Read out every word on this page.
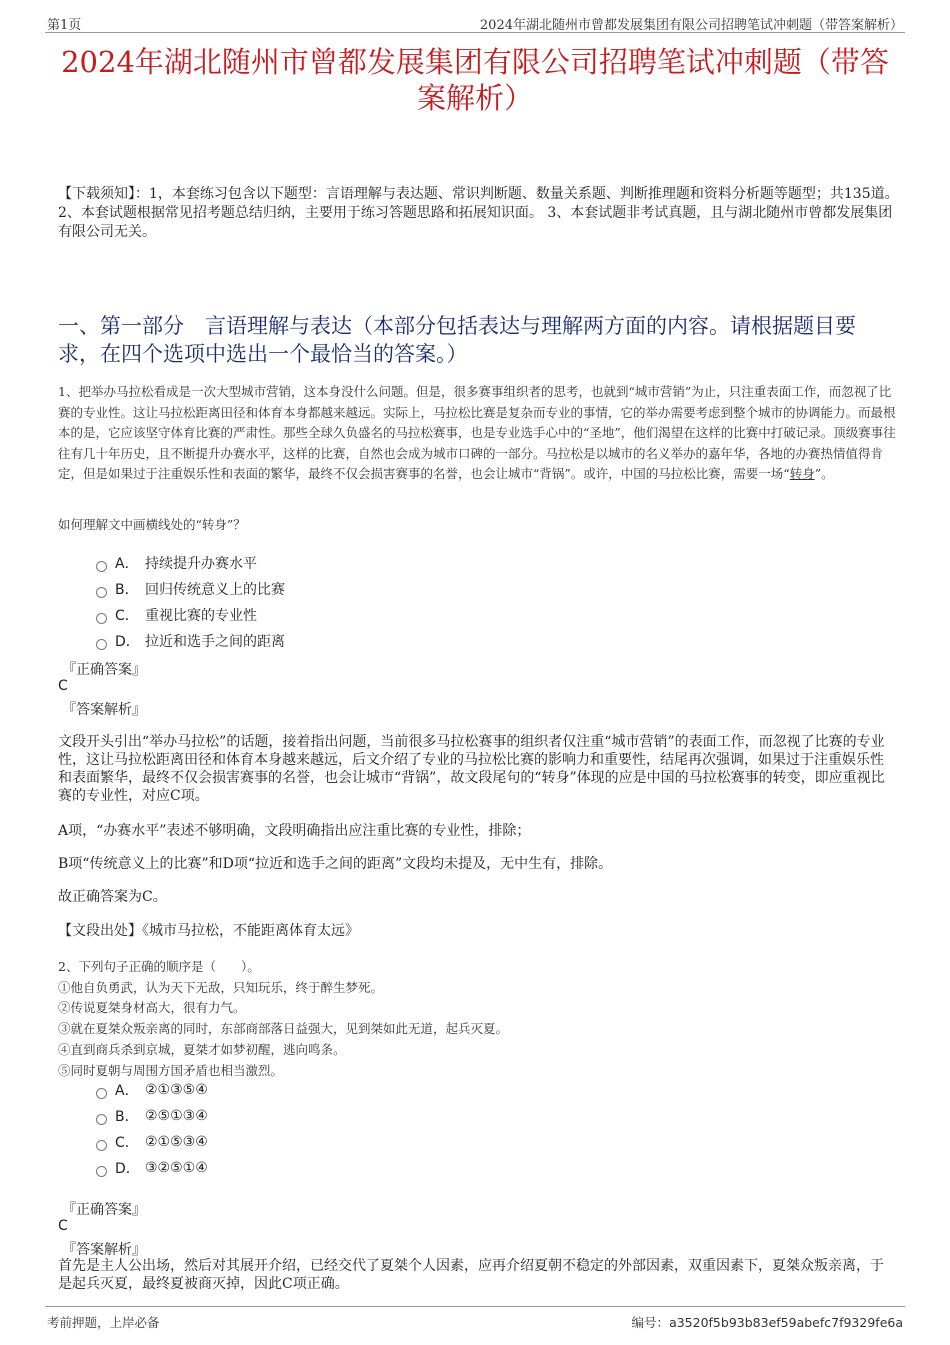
第1页	2024年湖北随州市曾都发展集团有限公司招聘笔试冲刺题（带答案解析）
2024年湖北随州市曾都发展集团有限公司招聘笔试冲刺题（带答案解析）
【下载须知】：1，本套练习包含以下题型：言语理解与表达题、常识判断题、数量关系题、判断推理题和资料分析题等题型；共135道。 2、本套试题根据常见招考题总结归纳，主要用于练习答题思路和拓展知识面。 3、本套试题非考试真题，且与湖北随州市曾都发展集团有限公司无关。
一、第一部分　言语理解与表达（本部分包括表达与理解两方面的内容。请根据题目要求，在四个选项中选出一个最恰当的答案。）
1、把举办马拉松看成是一次大型城市营销，这本身没什么问题。但是，很多赛事组织者的思考，也就到“城市营销”为止，只注重表面工作，而忽视了比赛的专业性。这让马拉松距离田径和体育本身都越来越远。实际上，马拉松比赛是复杂而专业的事情，它的举办需要考虑到整个城市的协调能力。而最根本的是，它应该坚守体育比赛的严肃性。那些全球久负盛名的马拉松赛事，也是专业选手心中的“圣地”，他们渴望在这样的比赛中打破记录。顶级赛事往往有几十年历史，且不断提升办赛水平，这样的比赛，自然也会成为城市口碑的一部分。马拉松是以城市的名义举办的嘉年华，各地的办赛热情值得肯定，但是如果过于注重娱乐性和表面的繁华，最终不仅会损害赛事的名誉，也会让城市“背锅”。或许，中国的马拉松比赛，需要一场“转身”。
如何理解文中画横线处的“转身”？
A． 持续提升办赛水平
B． 回归传统意义上的比赛
C． 重视比赛的专业性
D． 拉近和选手之间的距离
『正确答案』
C
『答案解析』
文段开头引出“举办马拉松”的话题，接着指出问题，当前很多马拉松赛事的组织者仅注重“城市营销”的表面工作，而忽视了比赛的专业性，这让马拉松距离田径和体育本身越来越远，后文介绍了专业的马拉松比赛的影响力和重要性，结尾再次强调，如果过于注重娱乐性和表面繁华，最终不仅会损害赛事的名誉，也会让城市“背锅”，故文段尾句的“转身”体现的应是中国的马拉松赛事的转变，即应重视比赛的专业性，对应C项。
A项，“办赛水平”表述不够明确，文段明确指出应注重比赛的专业性，排除；
B项“传统意义上的比赛”和D项“拉近和选手之间的距离”文段均未提及，无中生有，排除。
故正确答案为C。
【文段出处】《城市马拉松，不能距离体育太远》
2、下列句子正确的顺序是（　　）。
①他自负勇武，认为天下无敌，只知玩乐，终于醉生梦死。
②传说夏桀身材高大，很有力气。
③就在夏桀众叛亲离的同时，东部商部落日益强大，见到桀如此无道，起兵灭夏。
④直到商兵杀到京城，夏桀才如梦初醒，逃向鸣条。
⑤同时夏朝与周围方国矛盾也相当激烈。
A． ②①③⑤④
B． ②⑤①③④
C． ②①⑤③④
D． ③②⑤①④
『正确答案』
C
『答案解析』
首先是主人公出场，然后对其展开介绍，已经交代了夏桀个人因素，应再介绍夏朝不稳定的外部因素，双重因素下，夏桀众叛亲离，于是起兵灭夏，最终夏被商灭掉，因此C项正确。
考前押题，上岸必备	编号：a3520f5b93b83ef59abefc7f9329fe6a
